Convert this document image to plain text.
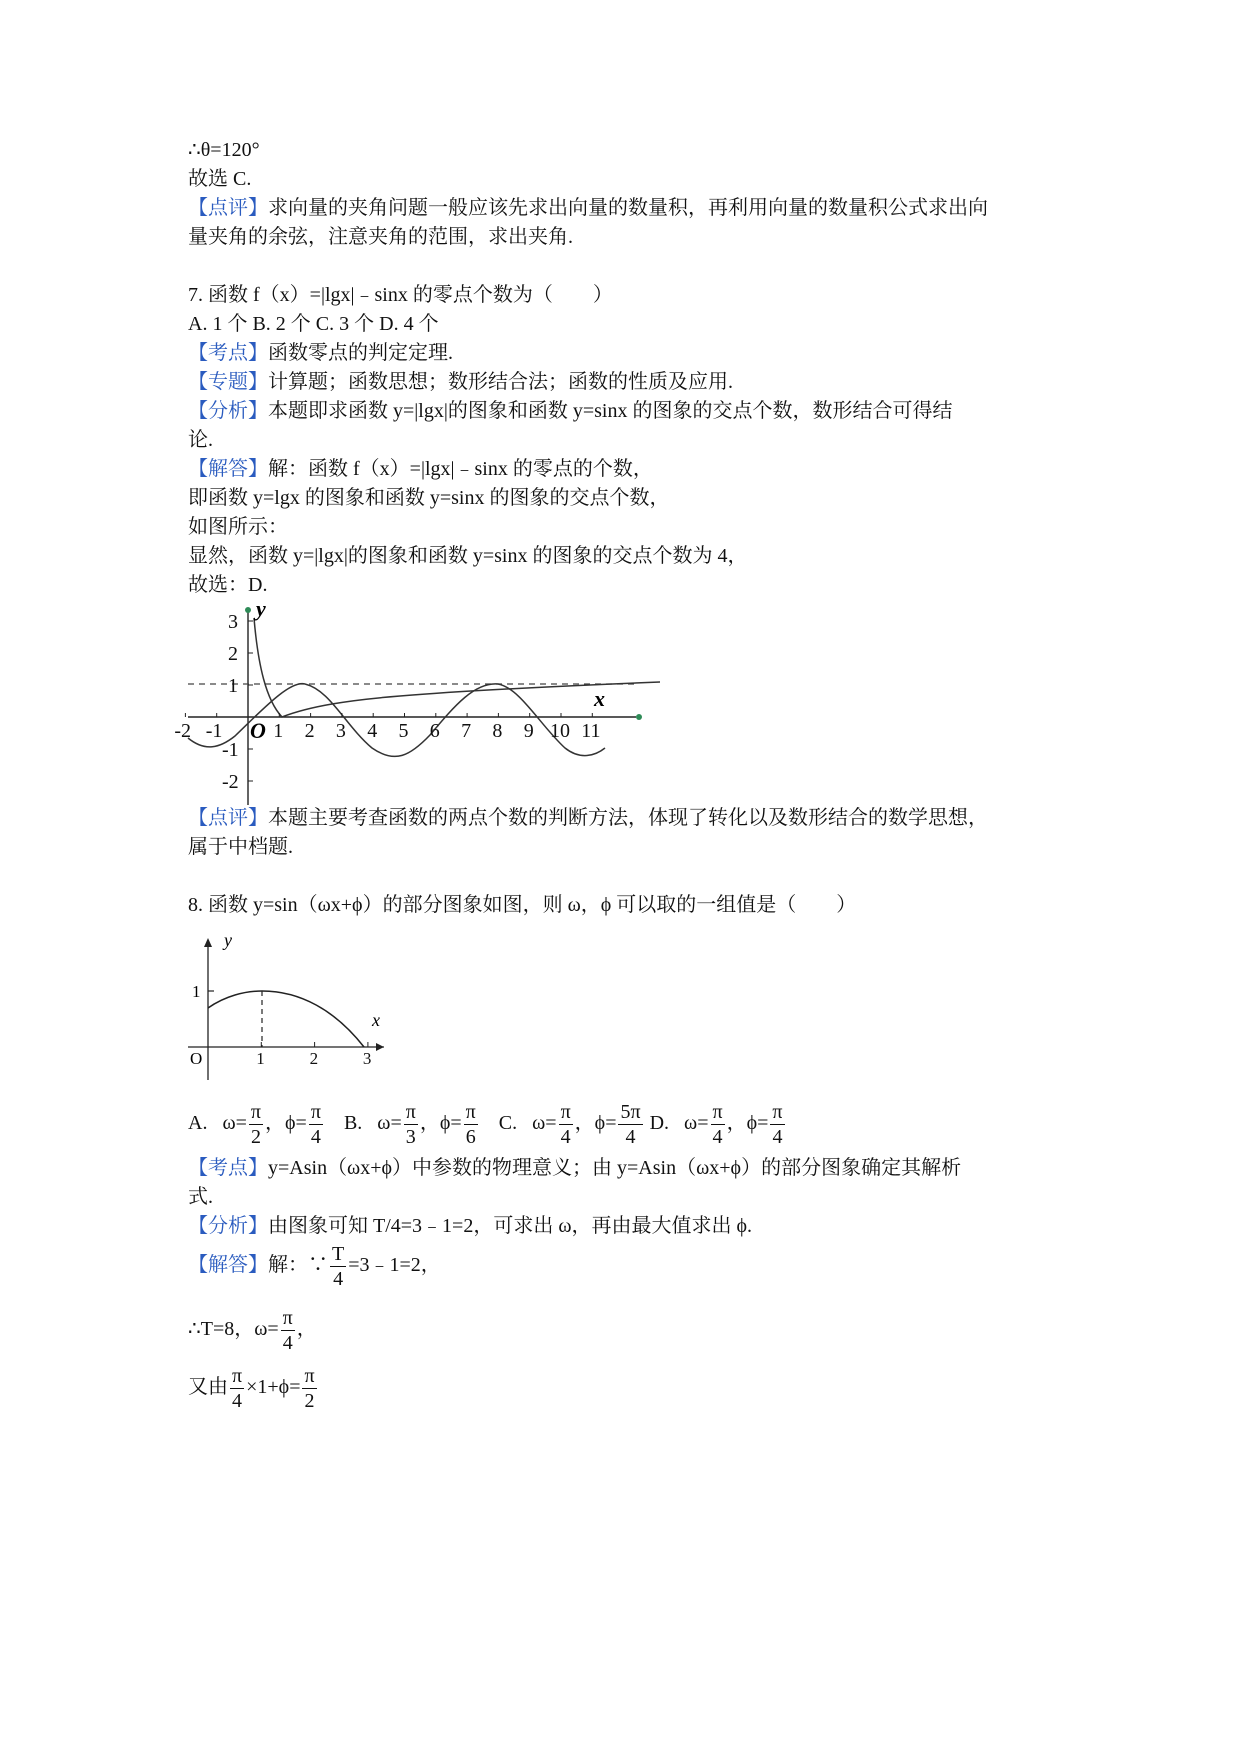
∴θ=120°
故选 C.
【点评】求向量的夹角问题一般应该先求出向量的数量积，再利用向量的数量积公式求出向
量夹角的余弦，注意夹角的范围，求出夹角.
7. 函数 f（x）=|lgx|﹣sinx 的零点个数为（　　）
A. 1 个 B. 2 个 C. 3 个 D. 4 个
【考点】函数零点的判定定理.
【专题】计算题；函数思想；数形结合法；函数的性质及应用.
【分析】本题即求函数 y=|lgx|的图象和函数 y=sinx 的图象的交点个数，数形结合可得结
论.
【解答】解：函数 f（x）=|lgx|﹣sinx 的零点的个数，
即函数 y=lgx 的图象和函数 y=sinx 的图象的交点个数，
如图所示：
显然，函数 y=|lgx|的图象和函数 y=sinx 的图象的交点个数为 4，
故选：D.
-2 -1	1 2 3 4 5 6 7 8 9 10 11
3
2
1
-1
-2
O
x
y
【点评】本题主要考查函数的两点个数的判断方法，体现了转化以及数形结合的数学思想，
属于中档题.
8. 函数 y=sin（ωx+ϕ）的部分图象如图，则 ω，ϕ 可以取的一组值是（　　）
1	2	3
1
O
x
y
A. $\omega= \frac{\pi}{2}$ ，$\phi= \frac{\pi}{4} B$. $\omega= \frac{\pi}{3}$ ，$\phi= \frac{\pi}{6} C$. $\omega= \frac{\pi}{4}$ ，$\phi= \frac{5\pi}{4} D$. $\omega= \frac{\pi}{4}$ ，$\phi= \frac{\pi}{4}$
【考点】y=Asin（ωx+ϕ）中参数的物理意义；由 y=Asin（ωx+ϕ）的部分图象确定其解析
式.
【分析】由图象可知 T/4=3﹣1=2，可求出 ω，再由最大值求出 ϕ.
【解答】解：∵ $\frac{T}{4}$ =3﹣1=2，
∴T=8，$\omega= \frac{\pi}{4}$ ，
又由 $\frac{\pi}{4} \times 1+\phi= \frac{\pi}{2}$
